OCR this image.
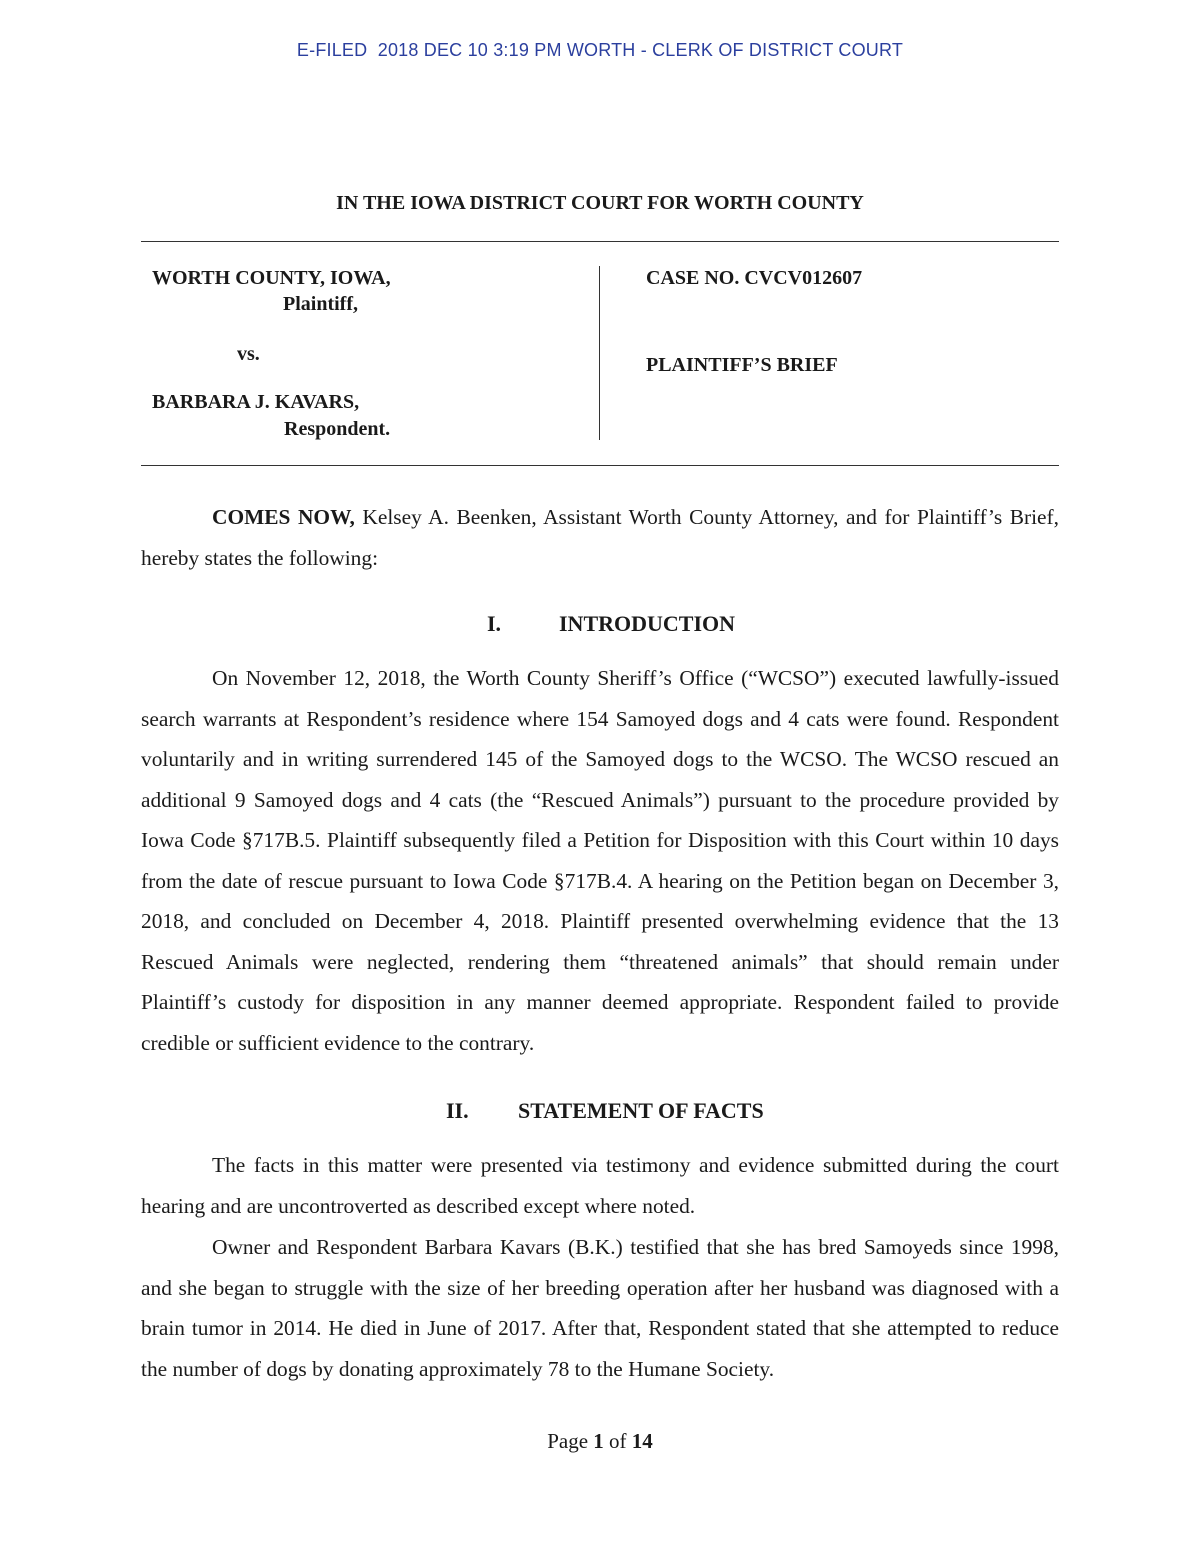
E-FILED  2018 DEC 10 3:19 PM WORTH - CLERK OF DISTRICT COURT
IN THE IOWA DISTRICT COURT FOR WORTH COUNTY
WORTH COUNTY, IOWA,
Plaintiff,
vs.
BARBARA J. KAVARS,
Respondent.
CASE NO. CVCV012607
PLAINTIFF’S BRIEF
COMES NOW, Kelsey A. Beenken, Assistant Worth County Attorney, and for Plaintiff’s Brief, hereby states the following:
I.	INTRODUCTION
On November 12, 2018, the Worth County Sheriff’s Office (“WCSO”) executed lawfully-issued search warrants at Respondent’s residence where 154 Samoyed dogs and 4 cats were found. Respondent voluntarily and in writing surrendered 145 of the Samoyed dogs to the WCSO. The WCSO rescued an additional 9 Samoyed dogs and 4 cats (the “Rescued Animals”) pursuant to the procedure provided by Iowa Code §717B.5. Plaintiff subsequently filed a Petition for Disposition with this Court within 10 days from the date of rescue pursuant to Iowa Code §717B.4. A hearing on the Petition began on December 3, 2018, and concluded on December 4, 2018. Plaintiff presented overwhelming evidence that the 13 Rescued Animals were neglected, rendering them “threatened animals” that should remain under Plaintiff’s custody for disposition in any manner deemed appropriate. Respondent failed to provide credible or sufficient evidence to the contrary.
II. STATEMENT OF FACTS
The facts in this matter were presented via testimony and evidence submitted during the court hearing and are uncontroverted as described except where noted.
Owner and Respondent Barbara Kavars (B.K.) testified that she has bred Samoyeds since 1998, and she began to struggle with the size of her breeding operation after her husband was diagnosed with a brain tumor in 2014. He died in June of 2017. After that, Respondent stated that she attempted to reduce the number of dogs by donating approximately 78 to the Humane Society.
Page 1 of 14
